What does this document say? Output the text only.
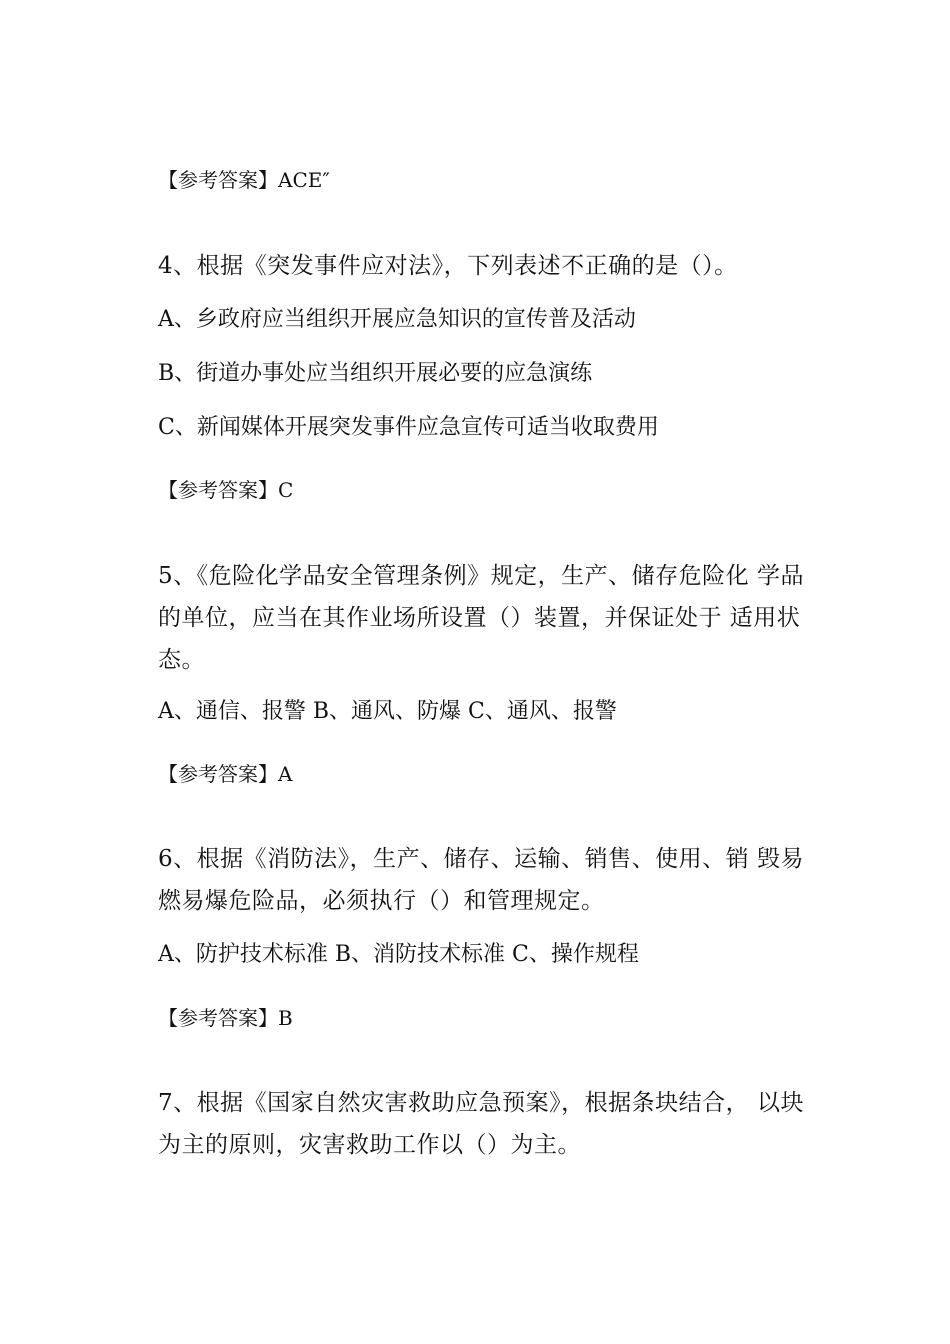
【参考答案】ACE″
4、根据《突发事件应对法》，下列表述不正确的是（）。
A、乡政府应当组织开展应急知识的宣传普及活动
B、街道办事处应当组织开展必要的应急演练
C、新闻媒体开展突发事件应急宣传可适当收取费用
【参考答案】C
5、《危险化学品安全管理条例》规定，生产、储存危险化 学品
的单位，应当在其作业场所设置（）装置，并保证处于 适用状
态。
A、通信、报警 B、通风、防爆 C、通风、报警
【参考答案】A
6、根据《消防法》，生产、储存、运输、销售、使用、销 毁易
燃易爆危险品，必须执行（）和管理规定。
A、防护技术标准 B、消防技术标准 C、操作规程
【参考答案】B
7、根据《国家自然灾害救助应急预案》，根据条块结合， 以块
为主的原则，灾害救助工作以（）为主。
